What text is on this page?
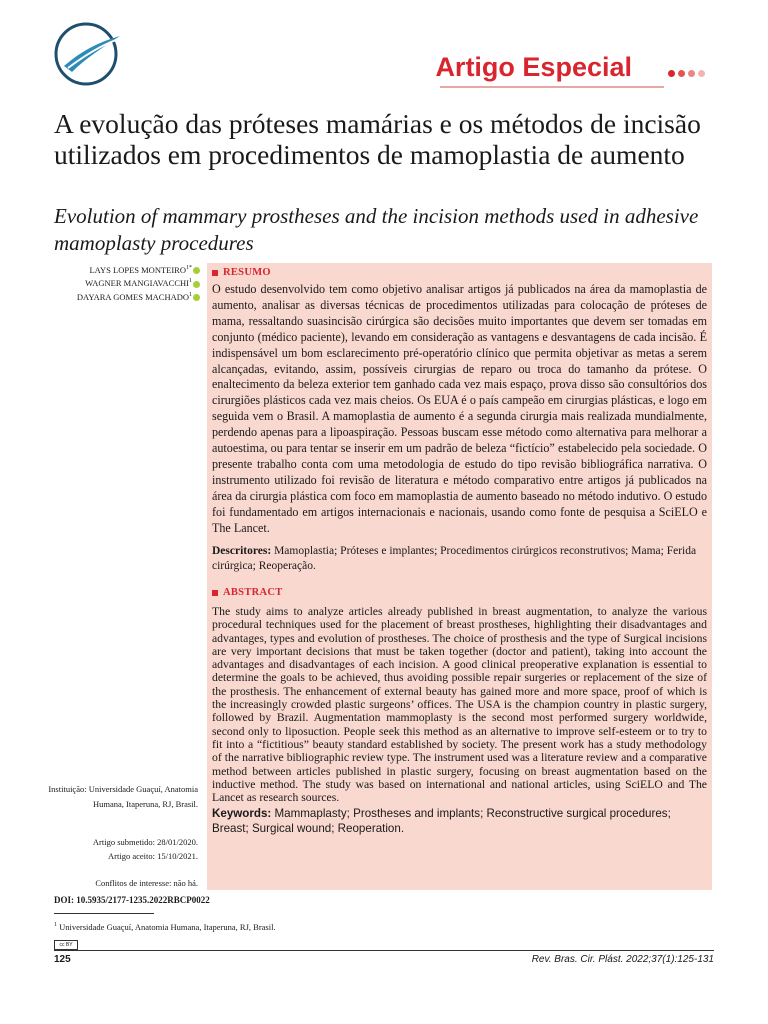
Artigo Especial
A evolução das próteses mamárias e os métodos de incisão utilizados em procedimentos de mamoplastia de aumento
Evolution of mammary prostheses and the incision methods used in adhesive mamoplasty procedures
LAYS LOPES $MONTEIRO^{1*}$
WAGNER MANGIAVACCHI$^1$
DAYARA GOMES MACHADO$^1$
RESUMO

O estudo desenvolvido tem como objetivo analisar artigos já publicados na área da mamoplastia de aumento, analisar as diversas técnicas de procedimentos utilizadas para colocação de próteses de mama, ressaltando suasincisão cirúrgica são decisões muito importantes que devem ser tomadas em conjunto (médico paciente), levando em consideração as vantagens e desvantagens de cada incisão. É indispensável um bom esclarecimento pré-operatório clínico que permita objetivar as metas a serem alcançadas, evitando, assim, possíveis cirurgias de reparo ou troca do tamanho da prótese. O enaltecimento da beleza exterior tem ganhado cada vez mais espaço, prova disso são consultórios dos cirurgiões plásticos cada vez mais cheios. Os EUA é o país campeão em cirurgias plásticas, e logo em seguida vem o Brasil. A mamoplastia de aumento é a segunda cirurgia mais realizada mundialmente, perdendo apenas para a lipoaspiração. Pessoas buscam esse método como alternativa para melhorar a autoestima, ou para tentar se inserir em um padrão de beleza “fictício” estabelecido pela sociedade. O presente trabalho conta com uma metodologia de estudo do tipo revisão bibliográfica narrativa. O instrumento utilizado foi revisão de literatura e método comparativo entre artigos já publicados na área da cirurgia plástica com foco em mamoplastia de aumento baseado no método indutivo. O estudo foi fundamentado em artigos internacionais e nacionais, usando como fonte de pesquisa a SciELO e The Lancet.

Descritores: Mamoplastia; Próteses e implantes; Procedimentos cirúrgicos reconstrutivos; Mama; Ferida cirúrgica; Reoperação.

ABSTRACT

The study aims to analyze articles already published in breast augmentation, to analyze the various procedural techniques used for the placement of breast prostheses, highlighting their disadvantages and advantages, types and evolution of prostheses. The choice of prosthesis and the type of Surgical incisions are very important decisions that must be taken together (doctor and patient), taking into account the advantages and disadvantages of each incision. A good clinical preoperative explanation is essential to determine the goals to be achieved, thus avoiding possible repair surgeries or replacement of the size of the prosthesis. The enhancement of external beauty has gained more and more space, proof of which is the increasingly crowded plastic surgeons’ offices. The USA is the champion country in plastic surgery, followed by Brazil. Augmentation mammoplasty is the second most performed surgery worldwide, second only to liposuction. People seek this method as an alternative to improve self-esteem or to try to fit into a “fictitious” beauty standard established by society. The present work has a study methodology of the narrative bibliographic review type. The instrument used was a literature review and a comparative method between articles published in plastic surgery, focusing on breast augmentation based on the inductive method. The study was based on international and national articles, using SciELO and The Lancet as research sources.

Keywords: Mammaplasty; Prostheses and implants; Reconstructive surgical procedures; Breast; Surgical wound; Reoperation.

Instituição: Universidade Guaçuí, Anatomia Humana, Itaperuna, RJ, Brasil.
Artigo submetido: 28/01/2020.
Artigo aceito: 15/10/2021.
Conflitos de interesse: não há.
DOI: 10.5935/2177-1235.2022RBCP0022
$^1$ Universidade Guaçuí, Anatomia Humana, Itaperuna, RJ, Brasil.
cc BY
125	Rev. Bras. Cir. Plást. 2022;37(1):125-131
